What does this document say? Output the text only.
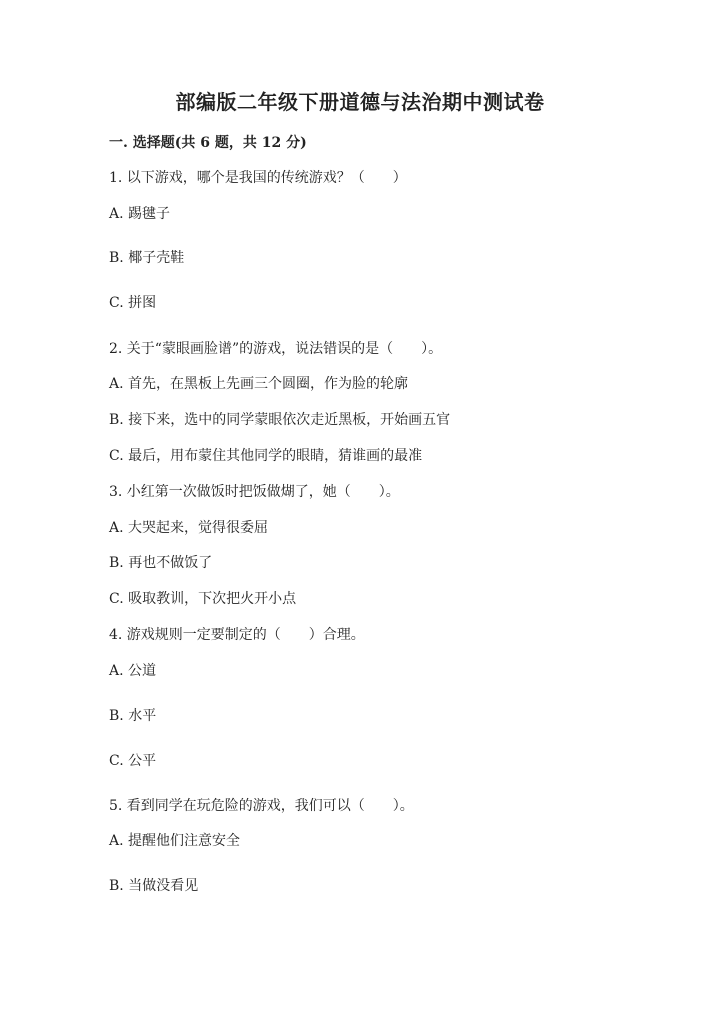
部编版二年级下册道德与法治期中测试卷
一. 选择题(共 6 题，共 12 分)
1. 以下游戏，哪个是我国的传统游戏？（　　）
A. 踢毽子
B. 椰子壳鞋
C. 拼图
2. 关于“蒙眼画脸谱”的游戏，说法错误的是（　　）。
A. 首先，在黑板上先画三个圆圈，作为脸的轮廓
B. 接下来，选中的同学蒙眼依次走近黑板，开始画五官
C. 最后，用布蒙住其他同学的眼睛，猜谁画的最准
3. 小红第一次做饭时把饭做煳了，她（　　）。
A. 大哭起来，觉得很委屈
B. 再也不做饭了
C. 吸取教训，下次把火开小点
4. 游戏规则一定要制定的（　　）合理。
A. 公道
B. 水平
C. 公平
5. 看到同学在玩危险的游戏，我们可以（　　）。
A. 提醒他们注意安全
B. 当做没看见
